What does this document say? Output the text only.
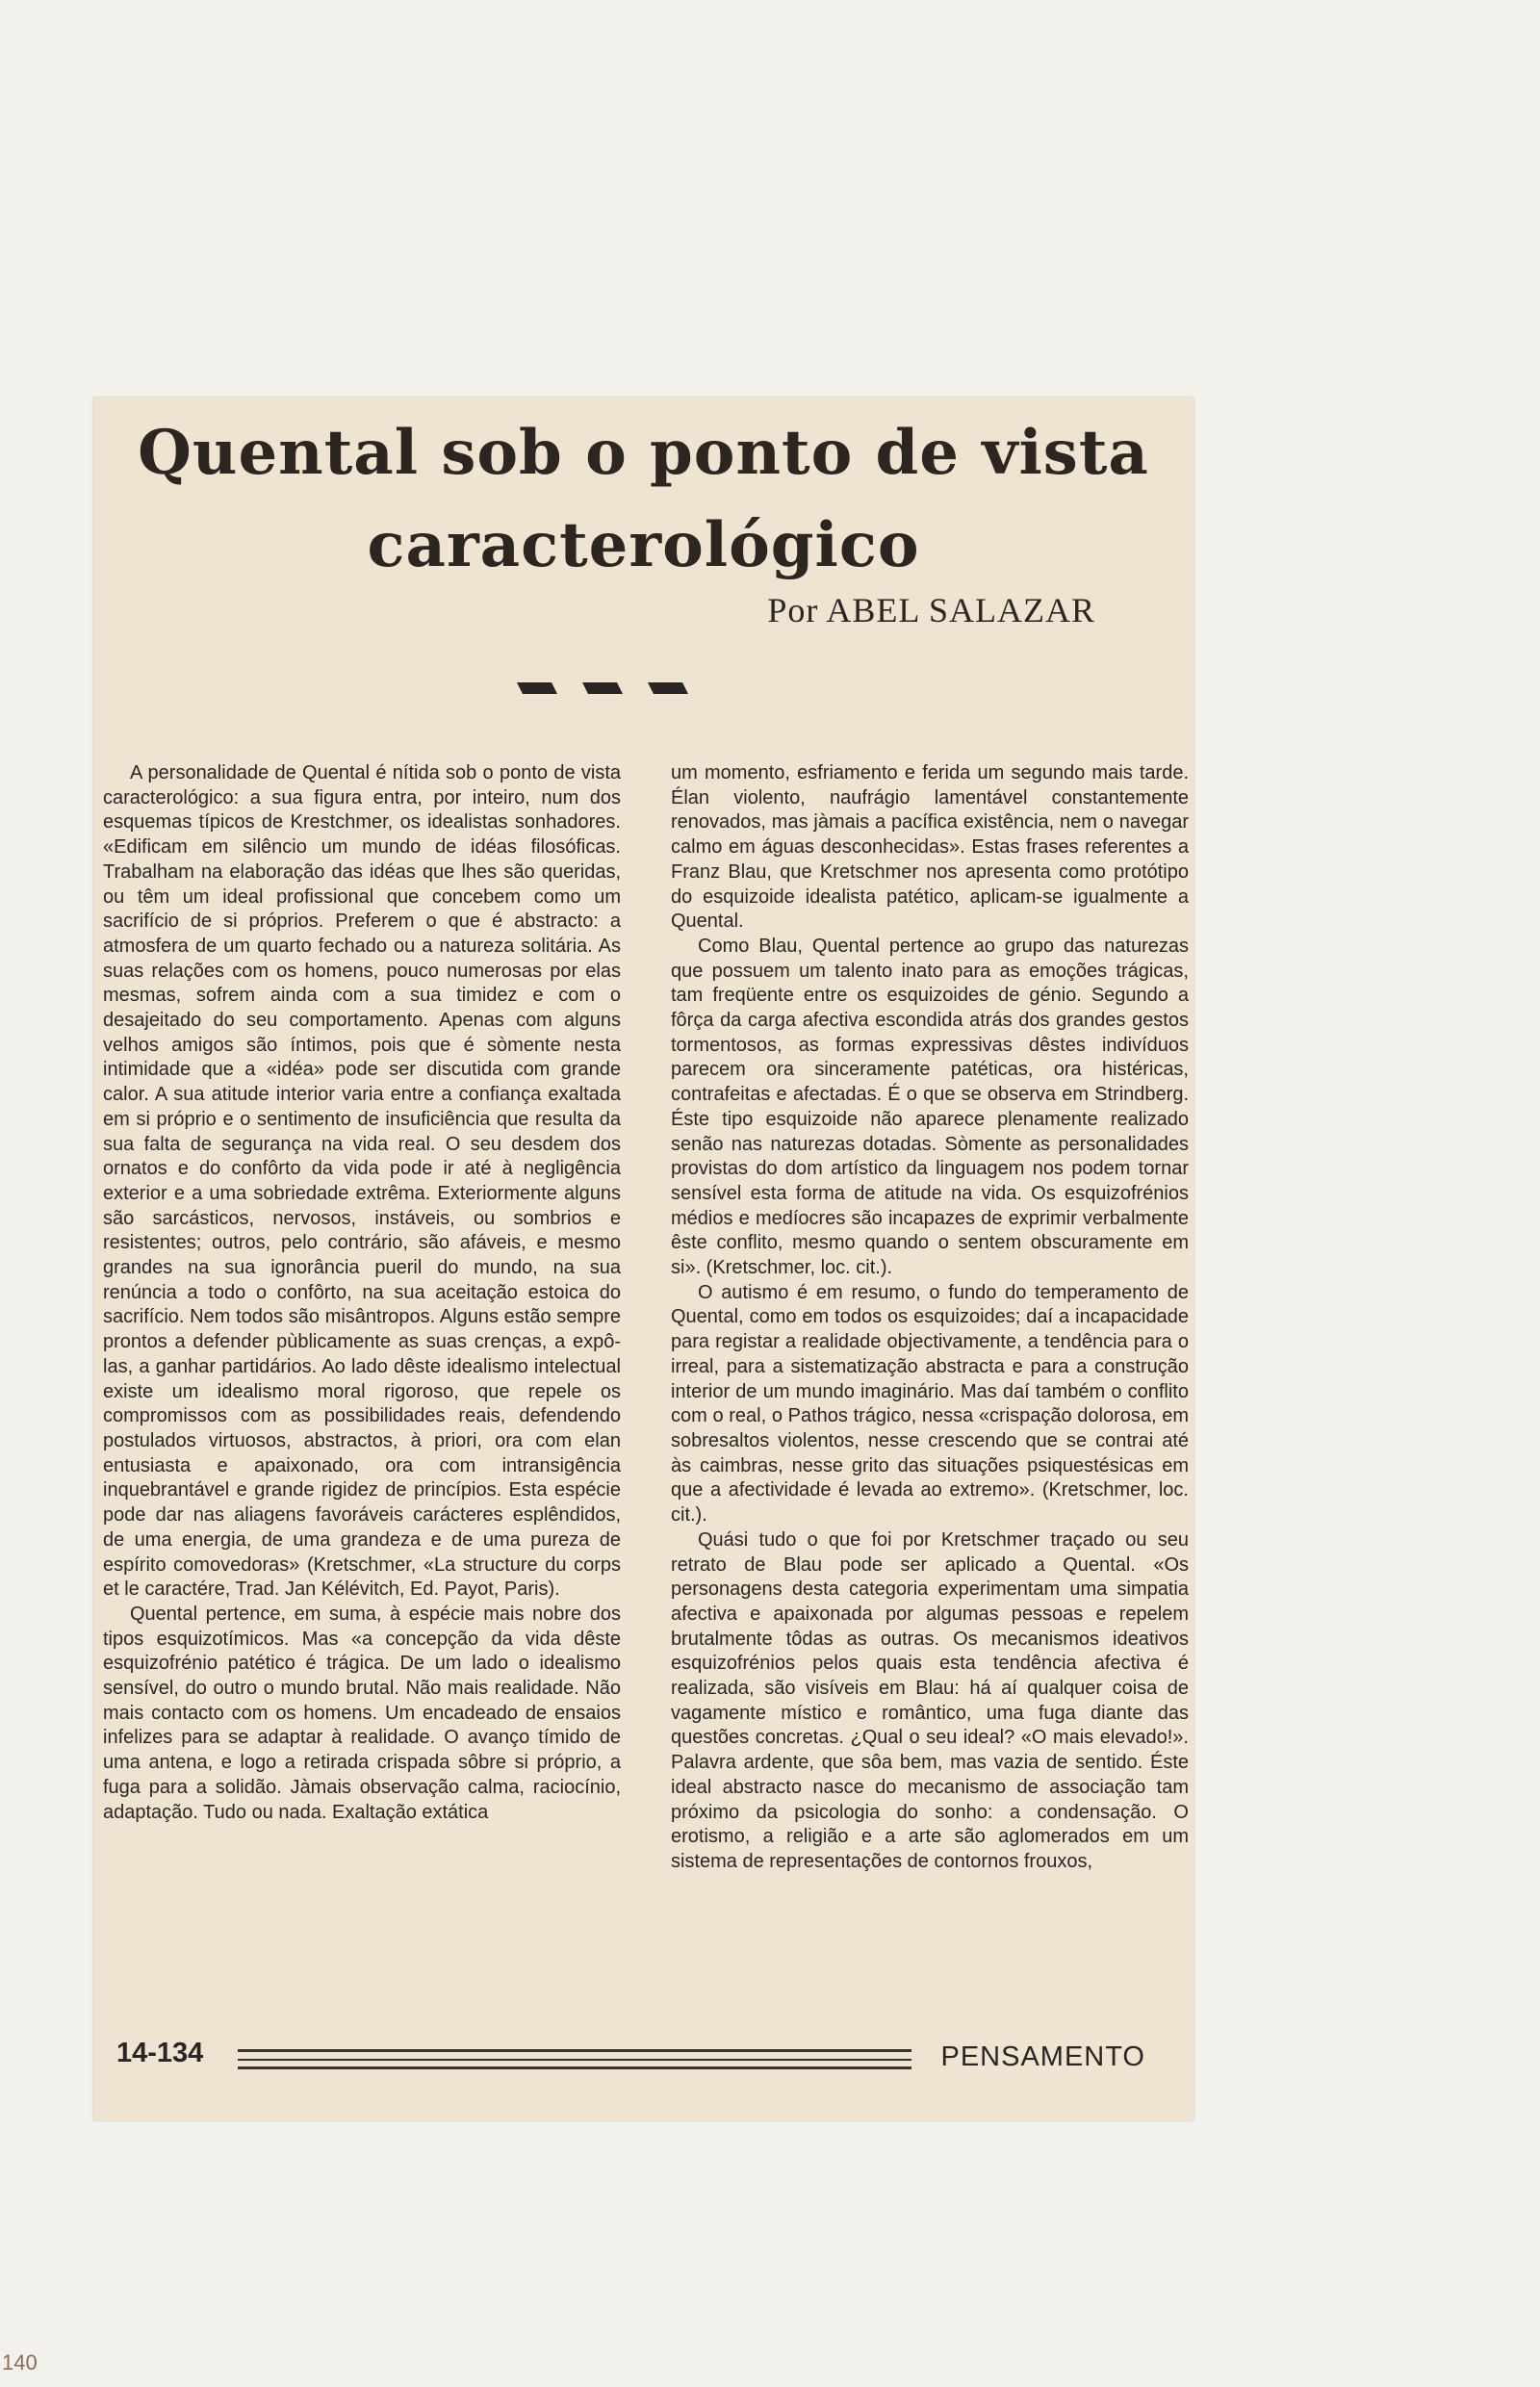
Quental sob o ponto de vista
caracterológico
Por ABEL SALAZAR

A personalidade de Quental é nítida sob o ponto de vista caracterológico: a sua figura entra, por inteiro, num dos esquemas típicos de Krestchmer, os idealistas sonhadores. «Edificam em silêncio um mundo de idéas filosóficas. Trabalham na elaboração das idéas que lhes são queridas, ou têm um ideal profissional que concebem como um sacrifício de si próprios. Preferem o que é abstracto: a atmosfera de um quarto fechado ou a natureza solitária. As suas relações com os homens, pouco numerosas por elas mesmas, sofrem ainda com a sua timidez e com o desajeitado do seu comportamento. Apenas com alguns velhos amigos são íntimos, pois que é sòmente nesta intimidade que a «idéa» pode ser discutida com grande calor. A sua atitude interior varia entre a confiança exaltada em si próprio e o sentimento de insuficiência que resulta da sua falta de segurança na vida real. O seu desdem dos ornatos e do confôrto da vida pode ir até à negligência exterior e a uma sobriedade extrêma. Exteriormente alguns são sarcásticos, nervosos, instáveis, ou sombrios e resistentes; outros, pelo contrário, são afáveis, e mesmo grandes na sua ignorância pueril do mundo, na sua renúncia a todo o confôrto, na sua aceitação estoica do sacrifício. Nem todos são misântropos. Alguns estão sempre prontos a defender pùblicamente as suas crenças, a expô-las, a ganhar partidários. Ao lado dêste idealismo intelectual existe um idealismo moral rigoroso, que repele os compromissos com as possibilidades reais, defendendo postulados virtuosos, abstractos, à priori, ora com elan entusiasta e apaixonado, ora com intransigência inquebrantável e grande rigidez de princípios. Esta espécie pode dar nas aliagens favoráveis carácteres esplêndidos, de uma energia, de uma grandeza e de uma pureza de espírito comovedoras» (Kretschmer, «La structure du corps et le caractére, Trad. Jan Kélévitch, Ed. Payot, Paris).

Quental pertence, em suma, à espécie mais nobre dos tipos esquizotímicos. Mas «a concepção da vida dêste esquizofrénio patético é trágica. De um lado o idealismo sensível, do outro o mundo brutal. Não mais realidade. Não mais contacto com os homens. Um encadeado de ensaios infelizes para se adaptar à realidade. O avanço tímido de uma antena, e logo a retirada crispada sôbre si próprio, a fuga para a solidão. Jàmais observação calma, raciocínio, adaptação. Tudo ou nada. Exaltação extática

um momento, esfriamento e ferida um segundo mais tarde. Élan violento, naufrágio lamentável constantemente renovados, mas jàmais a pacífica existência, nem o navegar calmo em águas desconhecidas». Estas frases referentes a Franz Blau, que Kretschmer nos apresenta como protótipo do esquizoide idealista patético, aplicam-se igualmente a Quental.

Como Blau, Quental pertence ao grupo das naturezas que possuem um talento inato para as emoções trágicas, tam freqüente entre os esquizoides de génio. Segundo a fôrça da carga afectiva escondida atrás dos grandes gestos tormentosos, as formas expressivas dêstes indivíduos parecem ora sinceramente patéticas, ora histéricas, contrafeitas e afectadas. É o que se observa em Strindberg. Éste tipo esquizoide não aparece plenamente realizado senão nas naturezas dotadas. Sòmente as personalidades provistas do dom artístico da linguagem nos podem tornar sensível esta forma de atitude na vida. Os esquizofrénios médios e medíocres são incapazes de exprimir verbalmente êste conflito, mesmo quando o sentem obscuramente em si». (Kretschmer, loc. cit.).

O autismo é em resumo, o fundo do temperamento de Quental, como em todos os esquizoides; daí a incapacidade para registar a realidade objectivamente, a tendência para o irreal, para a sistematização abstracta e para a construção interior de um mundo imaginário. Mas daí também o conflito com o real, o Pathos trágico, nessa «crispação dolorosa, em sobresaltos violentos, nesse crescendo que se contrai até às caimbras, nesse grito das situações psiquestésicas em que a afectividade é levada ao extremo». (Kretschmer, loc. cit.).

Quási tudo o que foi por Kretschmer traçado ou seu retrato de Blau pode ser aplicado a Quental. «Os personagens desta categoria experimentam uma simpatia afectiva e apaixonada por algumas pessoas e repelem brutalmente tôdas as outras. Os mecanismos ideativos esquizofrénios pelos quais esta tendência afectiva é realizada, são visíveis em Blau: há aí qualquer coisa de vagamente místico e romântico, uma fuga diante das questões concretas. ¿Qual o seu ideal? «O mais elevado!». Palavra ardente, que sôa bem, mas vazia de sentido. Éste ideal abstracto nasce do mecanismo de associação tam próximo da psicologia do sonho: a condensação. O erotismo, a religião e a arte são aglomerados em um sistema de representações de contornos frouxos,

14-134	PENSAMENTO
140
